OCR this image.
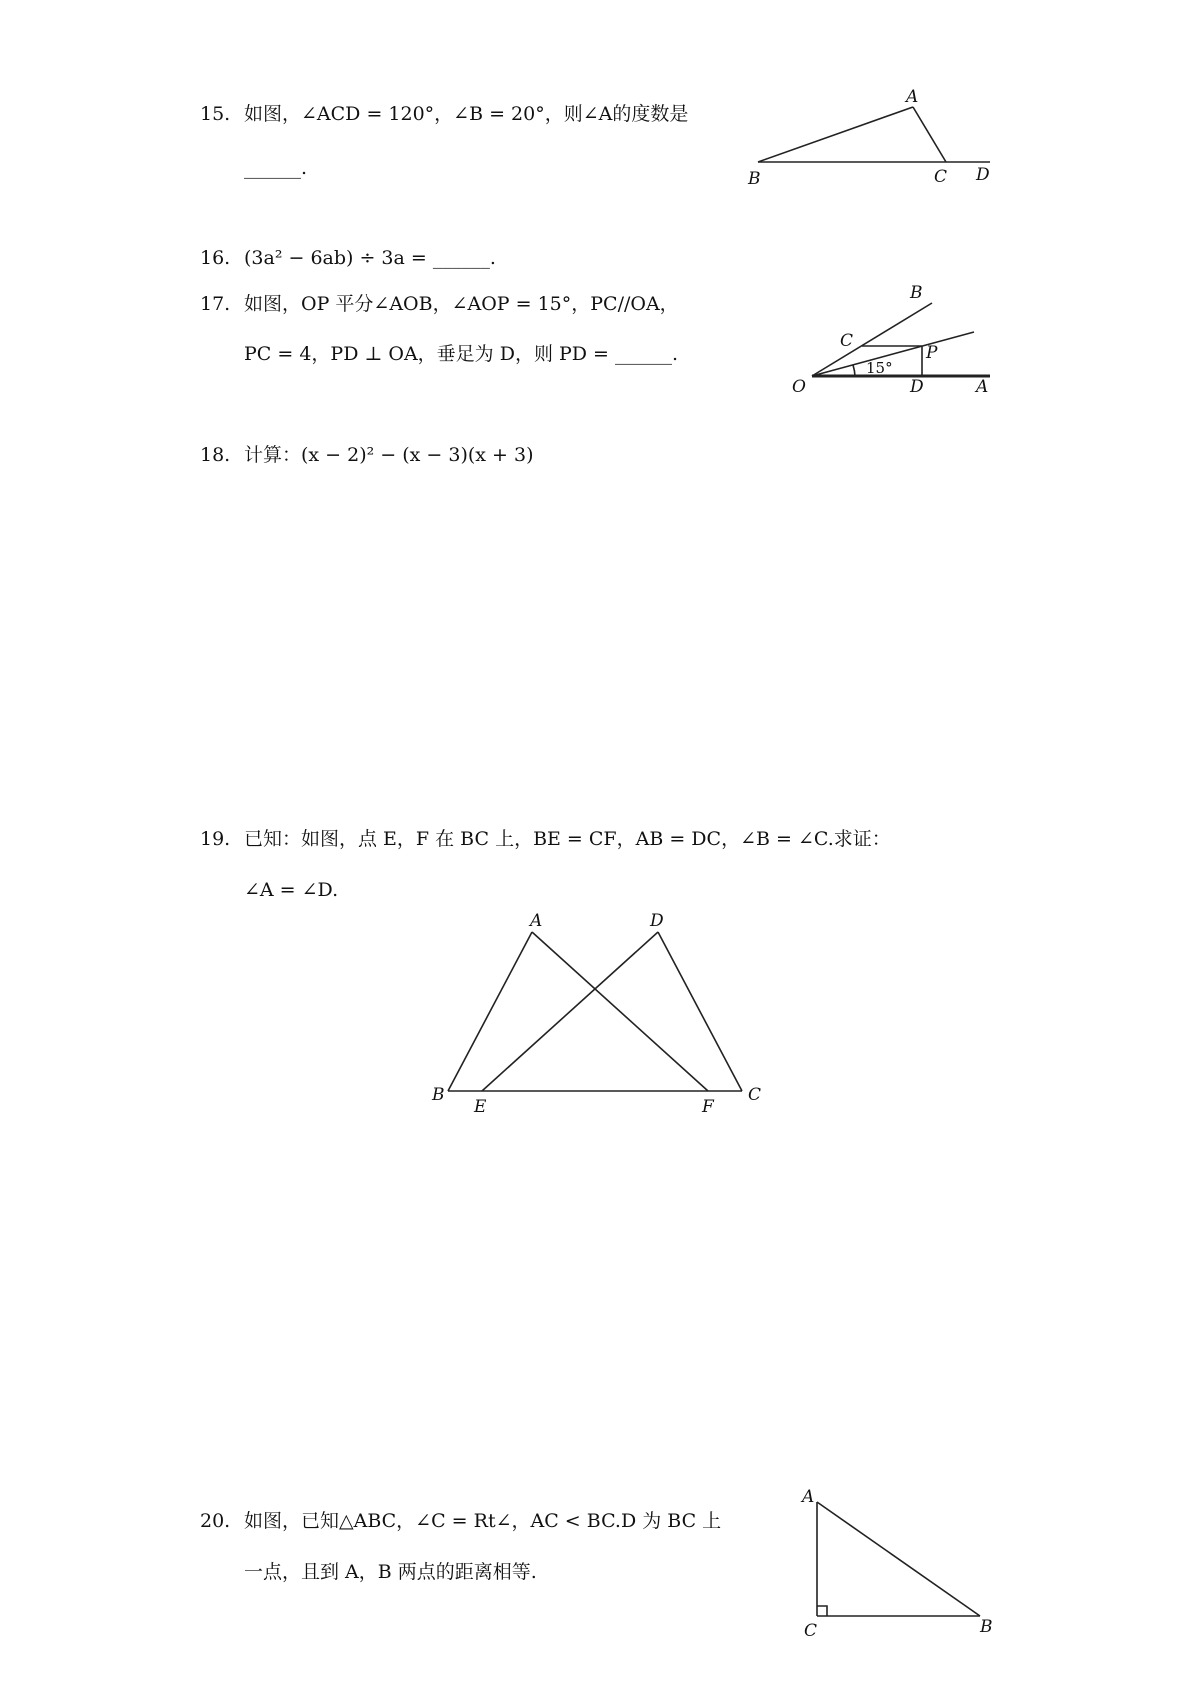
15. 如图，∠ACD = 120°，∠B = 20°，则∠A的度数是
______.
A
B	C D
16. (3a² − 6ab) ÷ 3a = ______.
17. 如图，OP 平分∠AOB，∠AOP = 15°，PC//OA，
PC = 4，PD ⊥ OA，垂足为 D，则 PD = ______.
15°
B
C
P
O	D	A
18. 计算：(x − 2)² − (x − 3)(x + 3)
19. 已知：如图，点 E，F 在 BC 上，BE = CF，AB = DC，∠B = ∠C.求证：
∠A = ∠D.
A	D
B
E	F
C
20. 如图，已知△ABC，∠C = Rt∠，AC < BC.D 为 BC 上
一点，且到 A，B 两点的距离相等.
A
C	B
